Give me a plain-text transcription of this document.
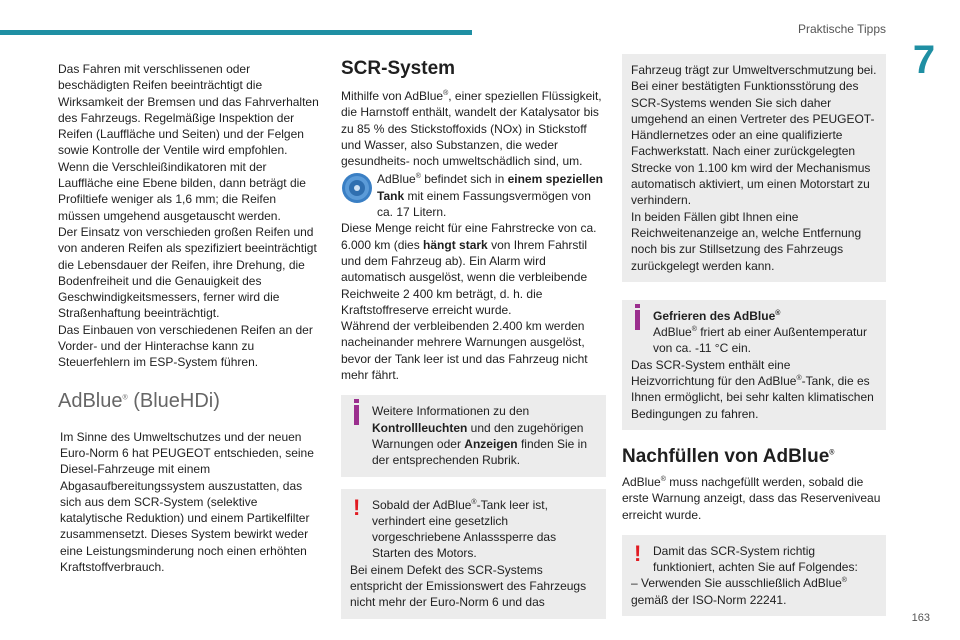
Praktische Tipps
7
163

Das Fahren mit verschlissenen oder beschädigten Reifen beeinträchtigt die Wirksamkeit der Bremsen und das Fahrverhalten des Fahrzeugs. Regelmäßige Inspektion der Reifen (Lauffläche und Seiten) und der Felgen sowie Kontrolle der Ventile wird empfohlen.

Wenn die Verschleißindikatoren mit der Lauffläche eine Ebene bilden, dann beträgt die Profiltiefe weniger als 1,6 mm; die Reifen müssen umgehend ausgetauscht werden.

Der Einsatz von verschieden großen Reifen und von anderen Reifen als spezifiziert beeinträchtigt die Lebensdauer der Reifen, ihre Drehung, die Bodenfreiheit und die Genauigkeit des Geschwindigkeitsmessers, ferner wird die Straßenhaftung beeinträchtigt.

Das Einbauen von verschiedenen Reifen an der Vorder- und der Hinterachse kann zu Steuerfehlern im ESP-System führen.

AdBlue® (BlueHDi)

Im Sinne des Umweltschutzes und der neuen Euro-Norm 6 hat PEUGEOT entschieden, seine Diesel-Fahrzeuge mit einem Abgasaufbereitungssystem auszustatten, das sich aus dem SCR-System (selektive katalytische Reduktion) und einem Partikelfilter zusammensetzt. Dieses System bewirkt weder eine Leistungsminderung noch einen erhöhten Kraftstoffverbrauch.

SCR-System

Mithilfe von AdBlue®, einer speziellen Flüssigkeit, die Harnstoff enthält, wandelt der Katalysator bis zu 85 % des Stickstoffoxids (NOx) in Stickstoff und Wasser, also Substanzen, die weder gesundheits- noch umweltschädlich sind, um.

AdBlue® befindet sich in einem speziellen Tank mit einem Fassungsvermögen von ca. 17 Litern.

Diese Menge reicht für eine Fahrstrecke von ca. 6.000 km (dies hängt stark von Ihrem Fahrstil und dem Fahrzeug ab). Ein Alarm wird automatisch ausgelöst, wenn die verbleibende Reichweite 2 400 km beträgt, d. h. die Kraftstoffreserve erreicht wurde.

Während der verbleibenden 2.400 km werden nacheinander mehrere Warnungen ausgelöst, bevor der Tank leer ist und das Fahrzeug nicht mehr fährt.

Weitere Informationen zu den Kontrollleuchten und den zugehörigen Warnungen oder Anzeigen finden Sie in der entsprechenden Rubrik.

! Sobald der AdBlue®-Tank leer ist, verhindert eine gesetzlich vorgeschriebene Anlasssperre das Starten des Motors.

Bei einem Defekt des SCR-Systems entspricht der Emissionswert des Fahrzeugs nicht mehr der Euro-Norm 6 und das

Fahrzeug trägt zur Umweltverschmutzung bei.

Bei einer bestätigten Funktionsstörung des SCR-Systems wenden Sie sich daher umgehend an einen Vertreter des PEUGEOT-Händlernetzes oder an eine qualifizierte Fachwerkstatt. Nach einer zurückgelegten Strecke von 1.100 km wird der Mechanismus automatisch aktiviert, um einen Motorstart zu verhindern.

In beiden Fällen gibt Ihnen eine Reichweitenanzeige an, welche Entfernung noch bis zur Stillsetzung des Fahrzeugs zurückgelegt werden kann.

Gefrieren des AdBlue®

AdBlue® friert ab einer Außentemperatur von ca. -11 °C ein.

Das SCR-System enthält eine Heizvorrichtung für den AdBlue®-Tank, die es Ihnen ermöglicht, bei sehr kalten klimatischen Bedingungen zu fahren.

Nachfüllen von AdBlue®

AdBlue® muss nachgefüllt werden, sobald die erste Warnung anzeigt, dass das Reserveniveau erreicht wurde.

! Damit das SCR-System richtig funktioniert, achten Sie auf Folgendes:

– Verwenden Sie ausschließlich AdBlue®

gemäß der ISO-Norm 22241.
